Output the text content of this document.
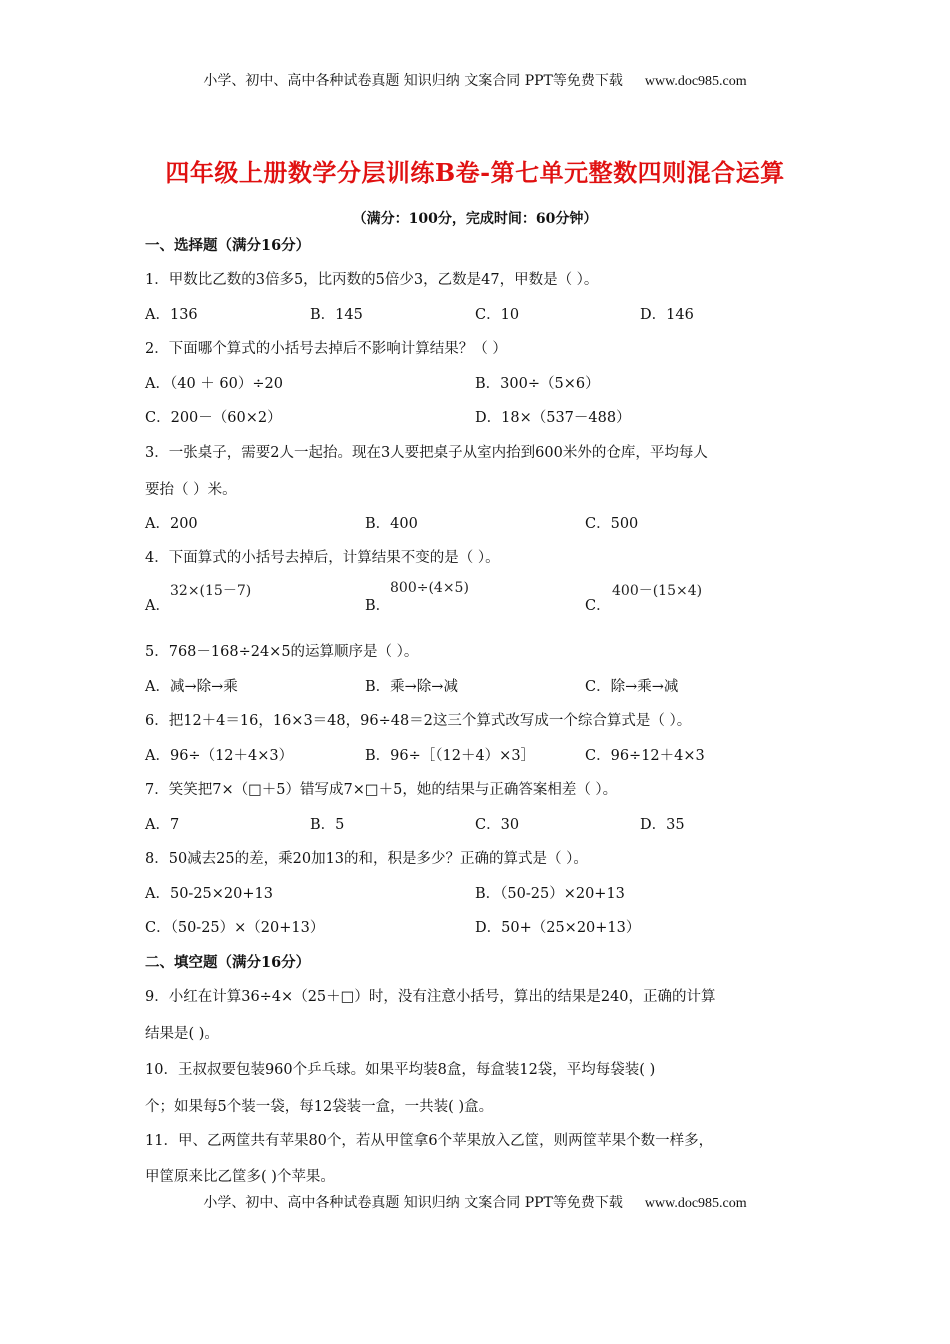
小学、初中、高中各种试卷真题 知识归纳 文案合同 PPT等免费下载 www.doc985.com
四年级上册数学分层训练B卷-第七单元整数四则混合运算
（满分：100分，完成时间：60分钟）
一、选择题（满分16分）
1．甲数比乙数的3倍多5，比丙数的5倍少3，乙数是47，甲数是（ ）。
A．136	B．145	C．10	D．146
2．下面哪个算式的小括号去掉后不影响计算结果？（ ）
A．（40 ＋ 60）÷20	B．300÷（5×6）
C．200－（60×2）	D．18×（537－488）
3．一张桌子，需要2人一起抬。现在3人要把桌子从室内抬到600米外的仓库，平均每人
要抬（ ）米。
A．200	B．400	C．500
4．下面算式的小括号去掉后，计算结果不变的是（ ）。
32×(15－7)	800÷(4×5)	400－(15×4)
A．	B．	C．
5．768－168÷24×5的运算顺序是（ ）。
A．减→除→乘	B．乘→除→减	C．除→乘→减
6．把12＋4＝16，16×3＝48，96÷48＝2这三个算式改写成一个综合算式是（ ）。
A．96÷（12＋4×3）	B．96÷［（12＋4）×3］	C．96÷12＋4×3
7．笑笑把7×（□＋5）错写成7×□＋5，她的结果与正确答案相差（ ）。
A．7	B．5	C．30	D．35
8．50减去25的差，乘20加13的和，积是多少？正确的算式是（ ）。
A．50-25×20+13	B．（50-25）×20+13
C．（50-25）×（20+13）	D．50+（25×20+13）
二、填空题（满分16分）
9．小红在计算36÷4×（25＋□）时，没有注意小括号，算出的结果是240，正确的计算
结果是( )。
10．王叔叔要包装960个乒乓球。如果平均装8盒，每盒装12袋，平均每袋装( )
个；如果每5个装一袋，每12袋装一盒，一共装( )盒。
11．甲、乙两筐共有苹果80个，若从甲筐拿6个苹果放入乙筐，则两筐苹果个数一样多，
甲筐原来比乙筐多( )个苹果。
小学、初中、高中各种试卷真题 知识归纳 文案合同 PPT等免费下载 www.doc985.com
